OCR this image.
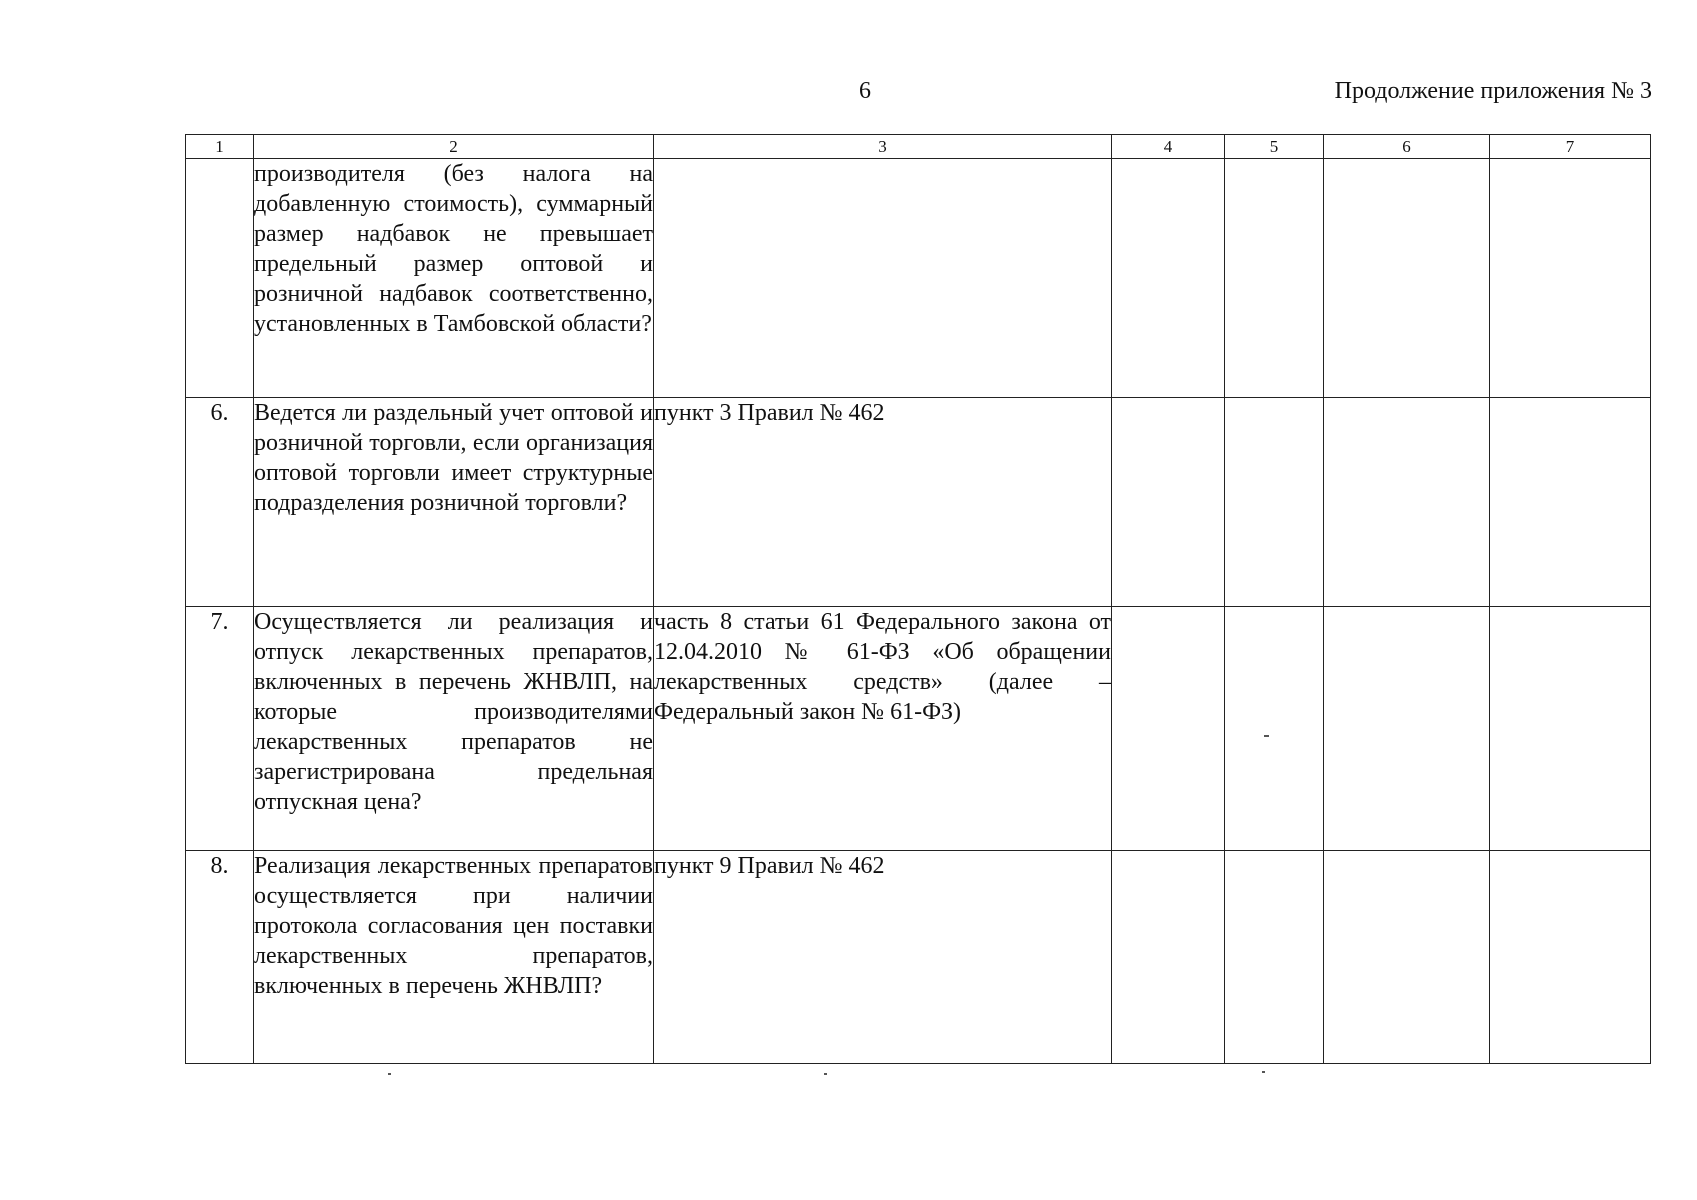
6	Продолжение приложения № 3
1	2	3	4	5	6	7
	производителя (без налога на добавленную стоимость), суммарный размер надбавок не превышает предельный размер оптовой и розничной надбавок соответственно, установленных в Тамбовской области?					
6.	Ведется ли раздельный учет оптовой и розничной торговли, если организация оптовой торговли имеет структурные подразделения розничной торговли?	пункт 3 Правил № 462				
7.	Осуществляется ли реализация и отпуск лекарственных препаратов, включенных в перечень ЖНВЛП, на которые производителями лекарственных препаратов не зарегистрирована предельная отпускная цена?	часть 8 статьи 61 Федерального закона от 12.04.2010 № 61-ФЗ «Об обращении лекарственных средств» (далее – Федеральный закон № 61-ФЗ)				
8.	Реализация лекарственных препаратов осуществляется при наличии протокола согласования цен поставки лекарственных препаратов, включенных в перечень ЖНВЛП?	пункт 9 Правил № 462				
